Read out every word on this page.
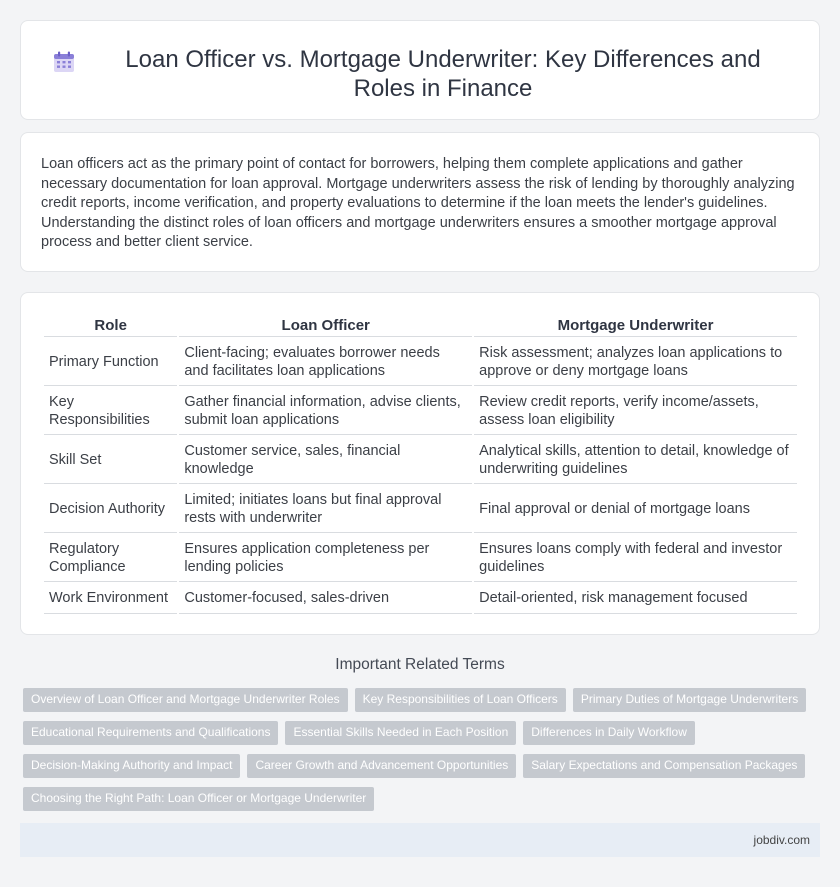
Loan Officer vs. Mortgage Underwriter: Key Differences and Roles in Finance

Loan officers act as the primary point of contact for borrowers, helping them complete applications and gather necessary documentation for loan approval. Mortgage underwriters assess the risk of lending by thoroughly analyzing credit reports, income verification, and property evaluations to determine if the loan meets the lender's guidelines. Understanding the distinct roles of loan officers and mortgage underwriters ensures a smoother mortgage approval process and better client service.

Role	Loan Officer	Mortgage Underwriter
Primary Function	Client-facing; evaluates borrower needs and facilitates loan applications	Risk assessment; analyzes loan applications to approve or deny mortgage loans
Key Responsibilities	Gather financial information, advise clients, submit loan applications	Review credit reports, verify income/assets, assess loan eligibility
Skill Set	Customer service, sales, financial knowledge	Analytical skills, attention to detail, knowledge of underwriting guidelines
Decision Authority	Limited; initiates loans but final approval rests with underwriter	Final approval or denial of mortgage loans
Regulatory Compliance	Ensures application completeness per lending policies	Ensures loans comply with federal and investor guidelines
Work Environment	Customer-focused, sales-driven	Detail-oriented, risk management focused
Important Related Terms
Overview of Loan Officer and Mortgage Underwriter Roles	Key Responsibilities of Loan Officers	Primary Duties of Mortgage Underwriters
Educational Requirements and Qualifications	Essential Skills Needed in Each Position	Differences in Daily Workflow
Decision-Making Authority and Impact	Career Growth and Advancement Opportunities	Salary Expectations and Compensation Packages
Choosing the Right Path: Loan Officer or Mortgage Underwriter
jobdiv.com
